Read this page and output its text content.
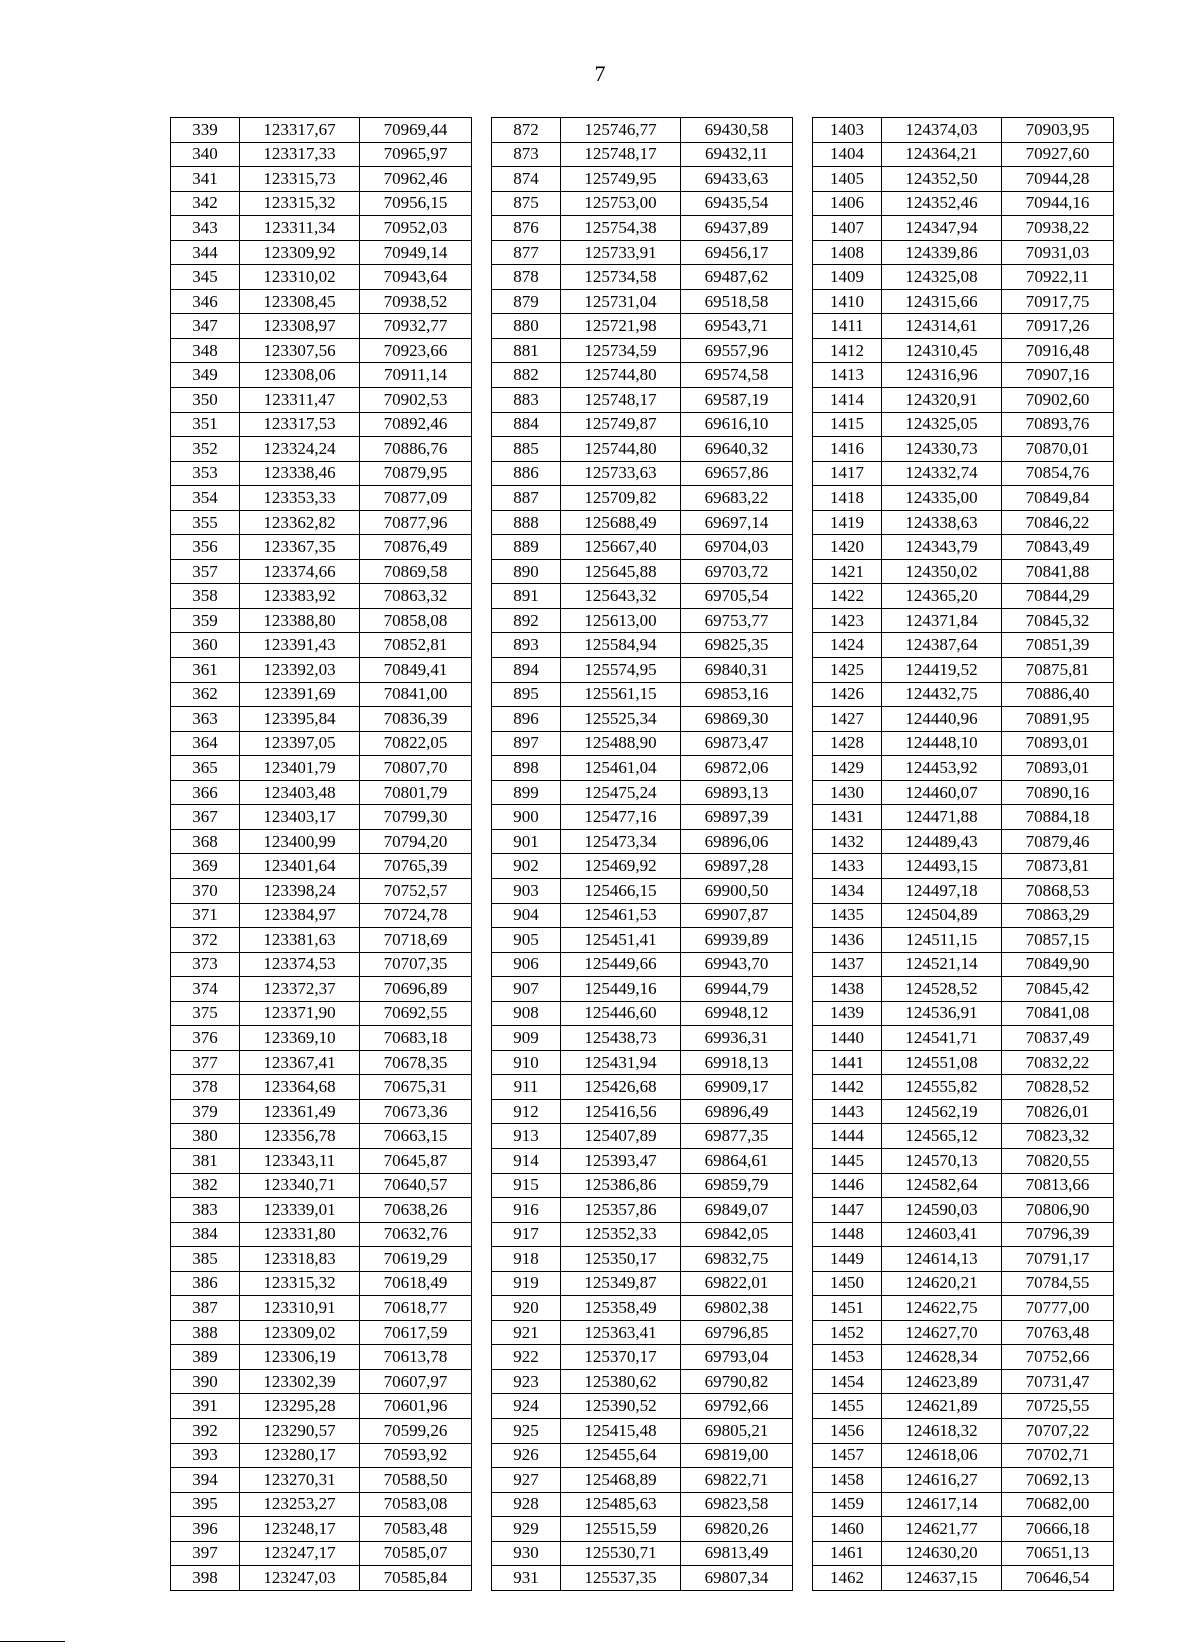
7
339	123317,67	70969,44		872	125746,77	69430,58		1403	124374,03	70903,95
340	123317,33	70965,97		873	125748,17	69432,11		1404	124364,21	70927,60
341	123315,73	70962,46		874	125749,95	69433,63		1405	124352,50	70944,28
342	123315,32	70956,15		875	125753,00	69435,54		1406	124352,46	70944,16
343	123311,34	70952,03		876	125754,38	69437,89		1407	124347,94	70938,22
344	123309,92	70949,14		877	125733,91	69456,17		1408	124339,86	70931,03
345	123310,02	70943,64		878	125734,58	69487,62		1409	124325,08	70922,11
346	123308,45	70938,52		879	125731,04	69518,58		1410	124315,66	70917,75
347	123308,97	70932,77		880	125721,98	69543,71		1411	124314,61	70917,26
348	123307,56	70923,66		881	125734,59	69557,96		1412	124310,45	70916,48
349	123308,06	70911,14		882	125744,80	69574,58		1413	124316,96	70907,16
350	123311,47	70902,53		883	125748,17	69587,19		1414	124320,91	70902,60
351	123317,53	70892,46		884	125749,87	69616,10		1415	124325,05	70893,76
352	123324,24	70886,76		885	125744,80	69640,32		1416	124330,73	70870,01
353	123338,46	70879,95		886	125733,63	69657,86		1417	124332,74	70854,76
354	123353,33	70877,09		887	125709,82	69683,22		1418	124335,00	70849,84
355	123362,82	70877,96		888	125688,49	69697,14		1419	124338,63	70846,22
356	123367,35	70876,49		889	125667,40	69704,03		1420	124343,79	70843,49
357	123374,66	70869,58		890	125645,88	69703,72		1421	124350,02	70841,88
358	123383,92	70863,32		891	125643,32	69705,54		1422	124365,20	70844,29
359	123388,80	70858,08		892	125613,00	69753,77		1423	124371,84	70845,32
360	123391,43	70852,81		893	125584,94	69825,35		1424	124387,64	70851,39
361	123392,03	70849,41		894	125574,95	69840,31		1425	124419,52	70875,81
362	123391,69	70841,00		895	125561,15	69853,16		1426	124432,75	70886,40
363	123395,84	70836,39		896	125525,34	69869,30		1427	124440,96	70891,95
364	123397,05	70822,05		897	125488,90	69873,47		1428	124448,10	70893,01
365	123401,79	70807,70		898	125461,04	69872,06		1429	124453,92	70893,01
366	123403,48	70801,79		899	125475,24	69893,13		1430	124460,07	70890,16
367	123403,17	70799,30		900	125477,16	69897,39		1431	124471,88	70884,18
368	123400,99	70794,20		901	125473,34	69896,06		1432	124489,43	70879,46
369	123401,64	70765,39		902	125469,92	69897,28		1433	124493,15	70873,81
370	123398,24	70752,57		903	125466,15	69900,50		1434	124497,18	70868,53
371	123384,97	70724,78		904	125461,53	69907,87		1435	124504,89	70863,29
372	123381,63	70718,69		905	125451,41	69939,89		1436	124511,15	70857,15
373	123374,53	70707,35		906	125449,66	69943,70		1437	124521,14	70849,90
374	123372,37	70696,89		907	125449,16	69944,79		1438	124528,52	70845,42
375	123371,90	70692,55		908	125446,60	69948,12		1439	124536,91	70841,08
376	123369,10	70683,18		909	125438,73	69936,31		1440	124541,71	70837,49
377	123367,41	70678,35		910	125431,94	69918,13		1441	124551,08	70832,22
378	123364,68	70675,31		911	125426,68	69909,17		1442	124555,82	70828,52
379	123361,49	70673,36		912	125416,56	69896,49		1443	124562,19	70826,01
380	123356,78	70663,15		913	125407,89	69877,35		1444	124565,12	70823,32
381	123343,11	70645,87		914	125393,47	69864,61		1445	124570,13	70820,55
382	123340,71	70640,57		915	125386,86	69859,79		1446	124582,64	70813,66
383	123339,01	70638,26		916	125357,86	69849,07		1447	124590,03	70806,90
384	123331,80	70632,76		917	125352,33	69842,05		1448	124603,41	70796,39
385	123318,83	70619,29		918	125350,17	69832,75		1449	124614,13	70791,17
386	123315,32	70618,49		919	125349,87	69822,01		1450	124620,21	70784,55
387	123310,91	70618,77		920	125358,49	69802,38		1451	124622,75	70777,00
388	123309,02	70617,59		921	125363,41	69796,85		1452	124627,70	70763,48
389	123306,19	70613,78		922	125370,17	69793,04		1453	124628,34	70752,66
390	123302,39	70607,97		923	125380,62	69790,82		1454	124623,89	70731,47
391	123295,28	70601,96		924	125390,52	69792,66		1455	124621,89	70725,55
392	123290,57	70599,26		925	125415,48	69805,21		1456	124618,32	70707,22
393	123280,17	70593,92		926	125455,64	69819,00		1457	124618,06	70702,71
394	123270,31	70588,50		927	125468,89	69822,71		1458	124616,27	70692,13
395	123253,27	70583,08		928	125485,63	69823,58		1459	124617,14	70682,00
396	123248,17	70583,48		929	125515,59	69820,26		1460	124621,77	70666,18
397	123247,17	70585,07		930	125530,71	69813,49		1461	124630,20	70651,13
398	123247,03	70585,84		931	125537,35	69807,34		1462	124637,15	70646,54
